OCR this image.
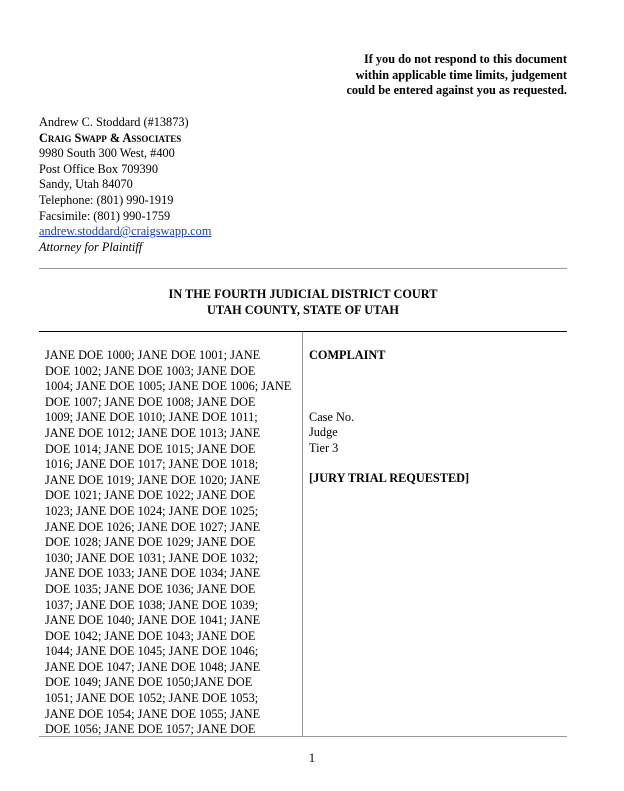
If you do not respond to this document
within applicable time limits, judgement
could be entered against you as requested.
Andrew C. Stoddard (#13873)
Craig Swapp & Associates
9980 South 300 West, #400
Post Office Box 709390
Sandy, Utah 84070
Telephone: (801) 990-1919
Facsimile: (801) 990-1759
andrew.stoddard@craigswapp.com
Attorney for Plaintiff
IN THE FOURTH JUDICIAL DISTRICT COURT
UTAH COUNTY, STATE OF UTAH
JANE DOE 1000; JANE DOE 1001; JANE
DOE 1002; JANE DOE 1003; JANE DOE
1004; JANE DOE 1005; JANE DOE 1006; JANE
DOE 1007; JANE DOE 1008; JANE DOE
1009; JANE DOE 1010; JANE DOE 1011;
JANE DOE 1012; JANE DOE 1013; JANE
DOE 1014; JANE DOE 1015; JANE DOE
1016; JANE DOE 1017; JANE DOE 1018;
JANE DOE 1019; JANE DOE 1020; JANE
DOE 1021; JANE DOE 1022; JANE DOE
1023; JANE DOE 1024; JANE DOE 1025;
JANE DOE 1026; JANE DOE 1027; JANE
DOE 1028; JANE DOE 1029; JANE DOE
1030; JANE DOE 1031; JANE DOE 1032;
JANE DOE 1033; JANE DOE 1034; JANE
DOE 1035; JANE DOE 1036; JANE DOE
1037; JANE DOE 1038; JANE DOE 1039;
JANE DOE 1040; JANE DOE 1041; JANE
DOE 1042; JANE DOE 1043; JANE DOE
1044; JANE DOE 1045; JANE DOE 1046;
JANE DOE 1047; JANE DOE 1048; JANE
DOE 1049; JANE DOE 1050;JANE DOE
1051; JANE DOE 1052; JANE DOE 1053;
JANE DOE 1054; JANE DOE 1055; JANE
DOE 1056; JANE DOE 1057; JANE DOE
COMPLAINT
Case No.
Judge
Tier 3
[JURY TRIAL REQUESTED]
1
